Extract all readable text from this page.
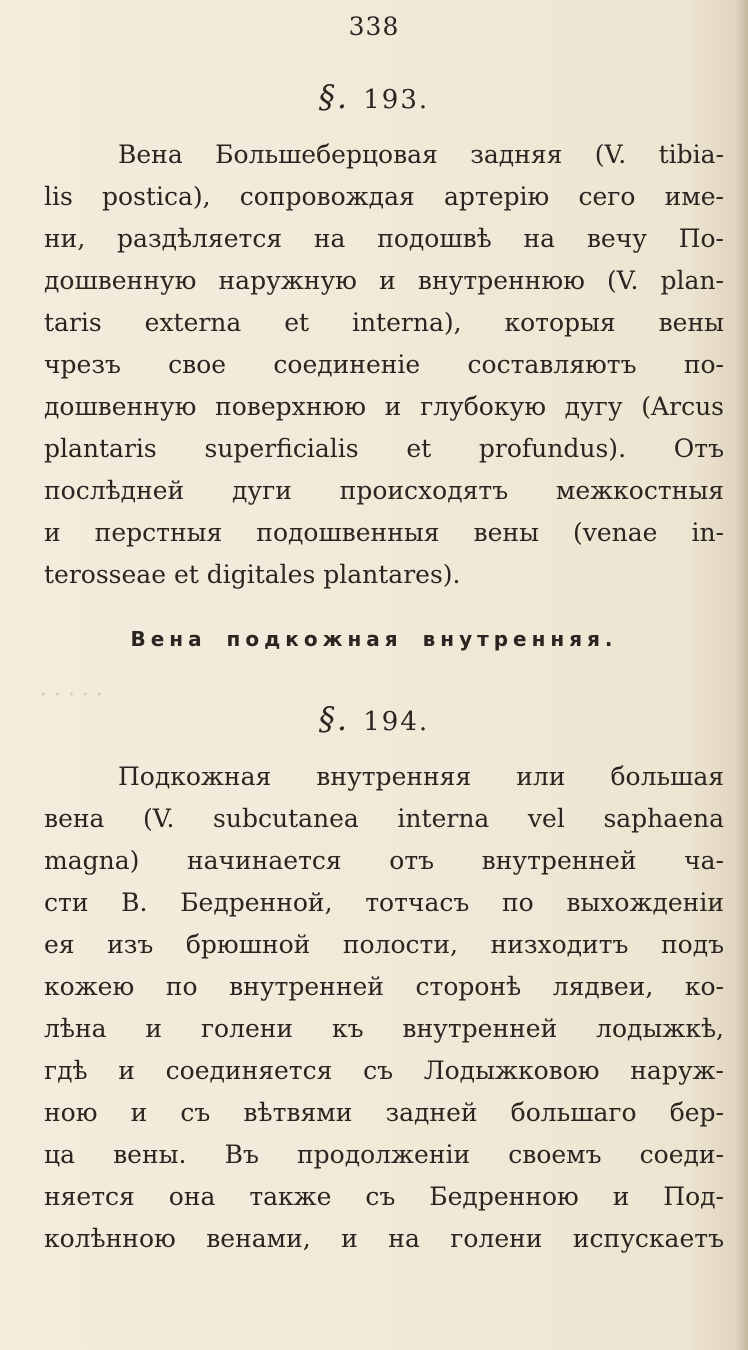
· · · · ·
338
§. 193.
Вена Большеберцовая задняя (V. tibia-
lis postica), сопровождая артерію сего име-
ни, раздѣляется на подошвѣ на вечу По-
дошвенную наружную и внутреннюю (V. plan-
taris externa et interna), которыя вены
чрезъ свое соединеніе составляютъ по-
дошвенную поверхнюю и глубокую дугу (Arcus
plantaris superficialis et profundus). Отъ
послѣдней дуги происходятъ межкостныя
и перстныя подошвенныя вены (venae in-
terosseae et digitales plantares).
Вена подкожная внутренняя.
§. 194.
Подкожная внутренняя или большая
вена (V. subcutanea interna vel saphaena
magna) начинается отъ внутренней ча-
сти В. Бедренной, тотчасъ по выхожденіи
ея изъ брюшной полости, низходитъ подъ
кожею по внутренней сторонѣ лядвеи, ко-
лѣна и голени къ внутренней лодыжкѣ,
гдѣ и соединяется съ Лодыжковою наруж-
ною и съ вѣтвями задней большаго бер-
ца вены. Въ продолженіи своемъ соеди-
няется она также съ Бедренною и Под-
колѣнною венами, и на голени испускаетъ
